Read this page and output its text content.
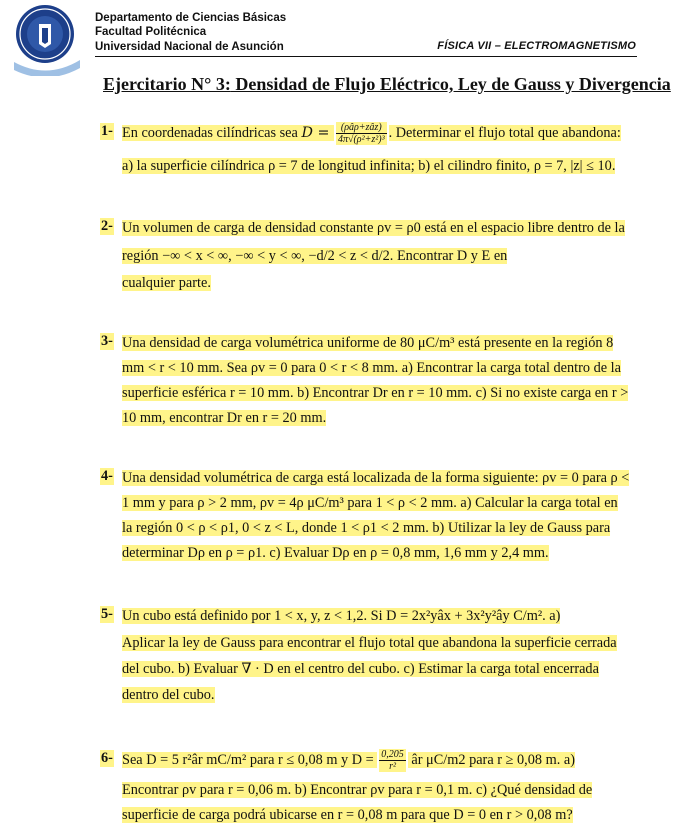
Departamento de Ciencias Básicas
Facultad Politécnica
Universidad Nacional de Asunción	FÍSICA VII – ELECTROMAGNETISMO
Ejercitario N° 3: Densidad de Flujo Eléctrico, Ley de Gauss y Divergencia
1- En coordenadas cilíndricas sea $D = \frac{\text{(ρâρ+zâz)}}{\text{4π√(ρ²+z²)³}}$ . Determinar el flujo total que abandona:
a) la superficie cilíndrica ρ = 7 de longitud infinita; b) el cilindro finito, ρ = 7, |z| ≤ 10.
2- Un volumen de carga de densidad constante ρv = ρ0 está en el espacio libre dentro de la
región −∞ < x < ∞, −∞ < y < ∞, −d/2 < z < d/2. Encontrar D y E en
cualquier parte.
3- Una densidad de carga volumétrica uniforme de 80 μC/m³ está presente en la región 8
mm < r < 10 mm. Sea ρv = 0 para 0 < r < 8 mm. a) Encontrar la carga total dentro de la
superficie esférica r = 10 mm. b) Encontrar Dr en r = 10 mm. c) Si no existe carga en r >
10 mm, encontrar Dr en r = 20 mm.
4- Una densidad volumétrica de carga está localizada de la forma siguiente: ρv = 0 para ρ <
1 mm y para ρ > 2 mm, ρv = 4ρ μC/m³ para 1 < ρ < 2 mm. a) Calcular la carga total en
la región 0 < ρ < ρ1, 0 < z < L, donde 1 < ρ1 < 2 mm. b) Utilizar la ley de Gauss para
determinar Dρ en ρ = ρ1. c) Evaluar Dρ en ρ = 0,8 mm, 1,6 mm y 2,4 mm.
5- Un cubo está definido por 1 < x, y, z < 1,2. Si D = 2x²yâx + 3x²y²ây C/m². a)
Aplicar la ley de Gauss para encontrar el flujo total que abandona la superficie cerrada
del cubo. b) Evaluar ∇ · D en el centro del cubo. c) Estimar la carga total encerrada
dentro del cubo.
6- Sea D = 5 r²âr mC/m² para r ≤ 0,08 m y $D = \frac{0,205}{\text{r²}}$ âr μC/m2 para r ≥ 0,08 m. a)
Encontrar ρv para r = 0,06 m. b) Encontrar ρv para r = 0,1 m. c) ¿Qué densidad de
superficie de carga podrá ubicarse en r = 0,08 m para que D = 0 en r > 0,08 m?
